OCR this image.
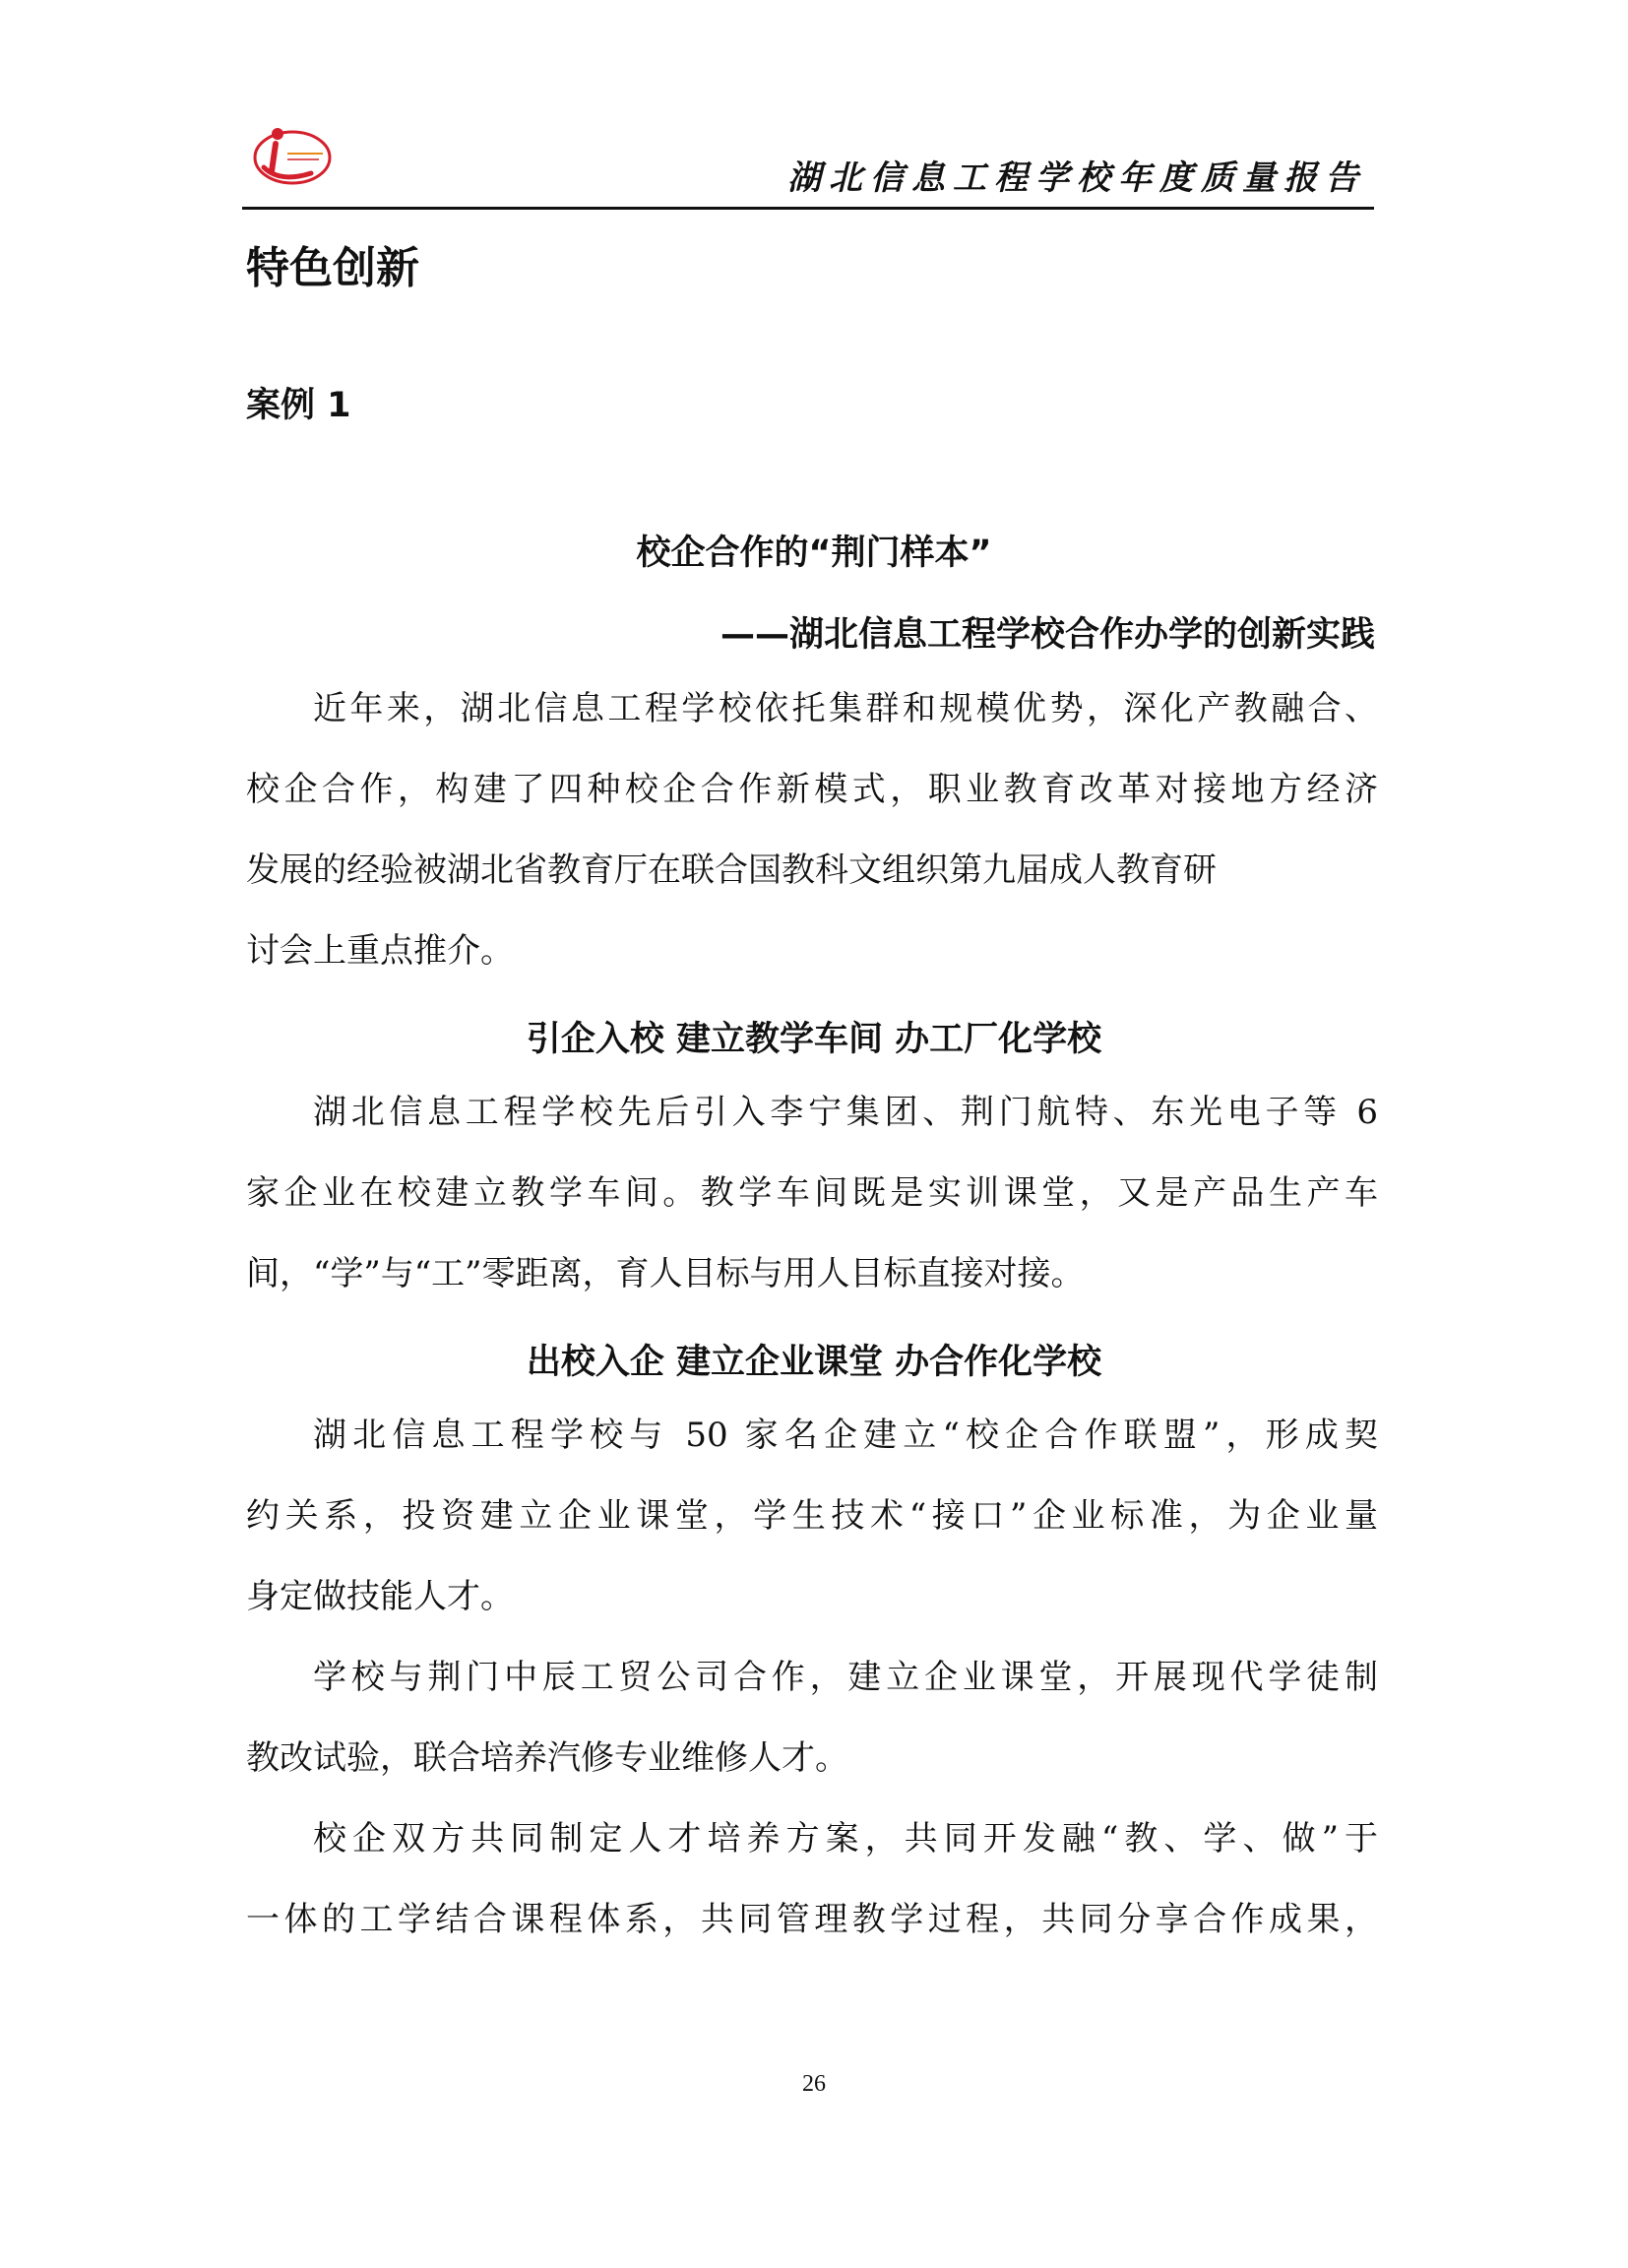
湖北信息工程学校年度质量报告
特色创新
案例 1
校企合作的“荆门样本”
——湖北信息工程学校合作办学的创新实践
近年来，湖北信息工程学校依托集群和规模优势，深化产教融合、
校企合作，构建了四种校企合作新模式，职业教育改革对接地方经济
发展的经验被湖北省教育厅在联合国教科文组织第九届成人教育研
讨会上重点推介。
引企入校 建立教学车间 办工厂化学校
湖北信息工程学校先后引入李宁集团、荆门航特、东光电子等 6
家企业在校建立教学车间。教学车间既是实训课堂，又是产品生产车
间，“学”与“工”零距离，育人目标与用人目标直接对接。
出校入企 建立企业课堂 办合作化学校
湖北信息工程学校与 50 家名企建立“校企合作联盟”，形成契
约关系，投资建立企业课堂，学生技术“接口”企业标准，为企业量
身定做技能人才。
学校与荆门中辰工贸公司合作，建立企业课堂，开展现代学徒制
教改试验，联合培养汽修专业维修人才。
校企双方共同制定人才培养方案，共同开发融“教、学、做”于
一体的工学结合课程体系，共同管理教学过程，共同分享合作成果，
26
